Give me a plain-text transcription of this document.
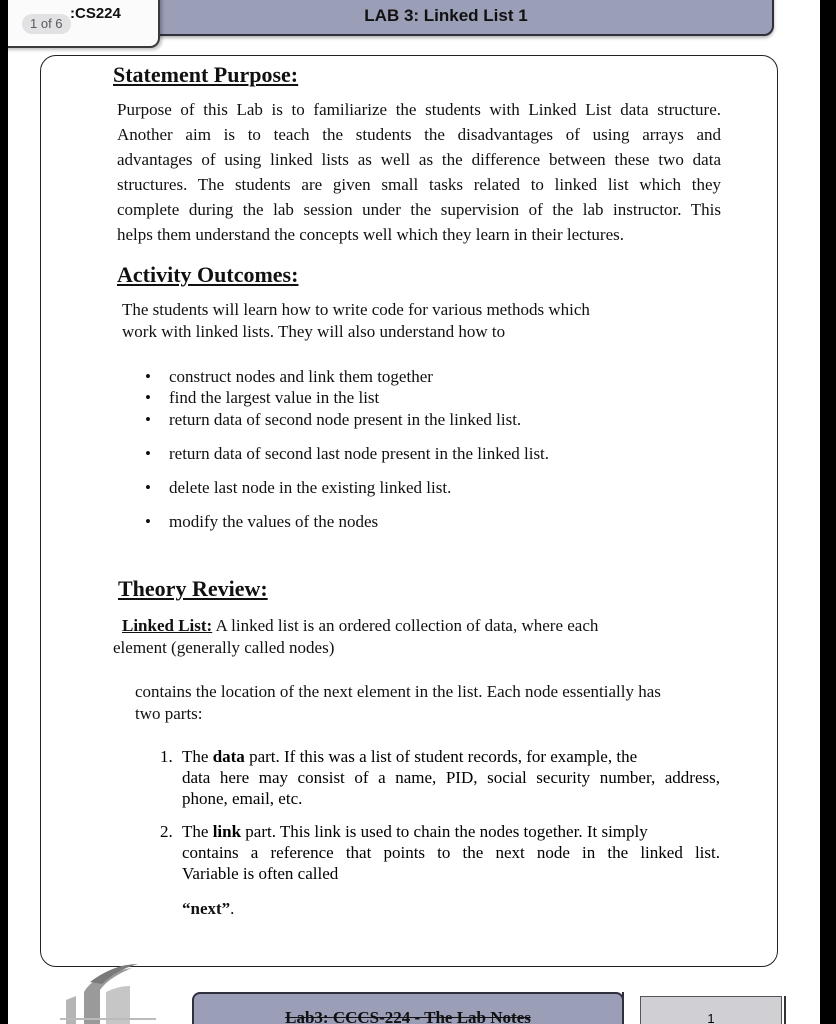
LAB 3: Linked List 1
:CS224
1 of 6
Statement Purpose:
Purpose of this Lab is to familiarize the students with Linked List data structure.
Another aim is to teach the students the disadvantages of using arrays and
advantages of using linked lists as well as the difference between these two data
structures. The students are given small tasks related to linked list which they
complete during the lab session under the supervision of the lab instructor. This
helps them understand the concepts well which they learn in their lectures.
Activity Outcomes:
The students will learn how to write code for various methods which
work with linked lists. They will also understand how to
• construct nodes and link them together
• find the largest value in the list
• return data of second node present in the linked list.
• return data of second last node present in the linked list.
• delete last node in the existing linked list.
• modify the values of the nodes
Theory Review:
Linked List: A linked list is an ordered collection of data, where each
element (generally called nodes)
contains the location of the next element in the list. Each node essentially has
two parts:
1. The data part. If this was a list of student records, for example, the
data here may consist of a name, PID, social security number, address,
phone, email, etc.
2. The link part. This link is used to chain the nodes together. It simply
contains a reference that points to the next node in the linked list.
Variable is often called
“next”.
Lab3: CCCS-224 - The Lab Notes	1
